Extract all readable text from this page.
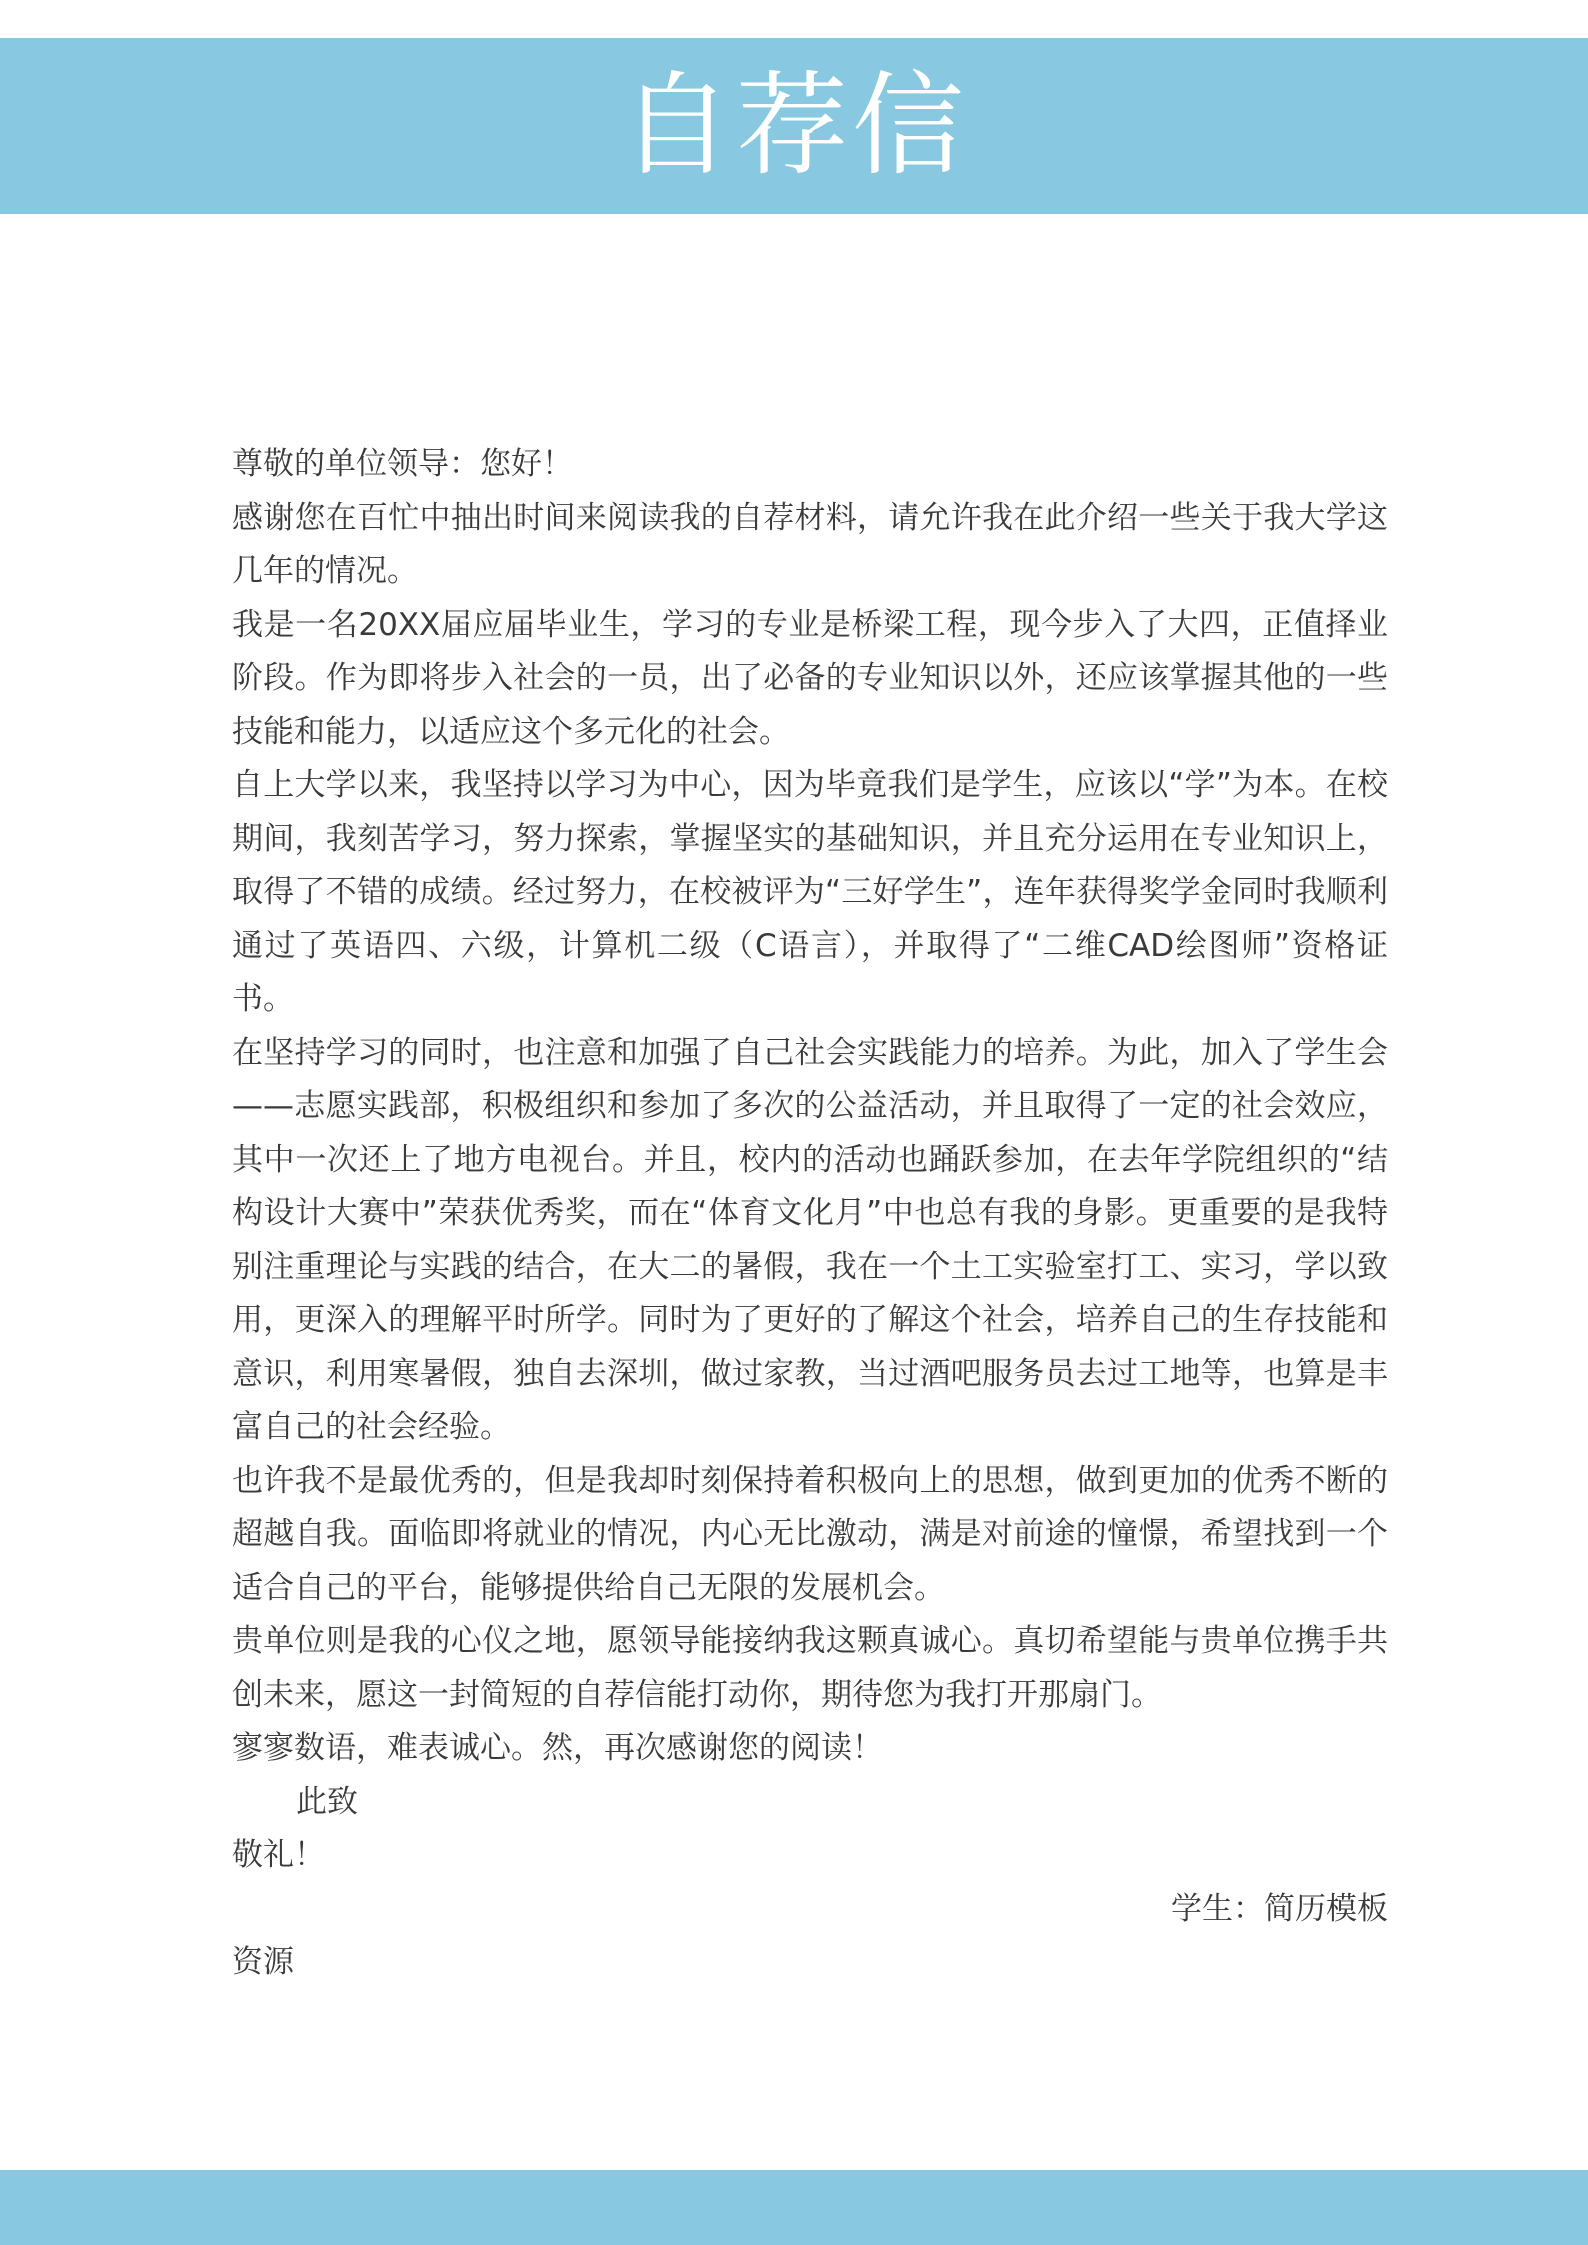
自荐信

尊敬的单位领导：您好！

感谢您在百忙中抽出时间来阅读我的自荐材料，请允许我在此介绍一些关于我大学这几年的情况。

我是一名20XX届应届毕业生，学习的专业是桥梁工程，现今步入了大四，正值择业阶段。作为即将步入社会的一员，出了必备的专业知识以外，还应该掌握其他的一些技能和能力，以适应这个多元化的社会。

自上大学以来，我坚持以学习为中心，因为毕竟我们是学生，应该以“学”为本。在校期间，我刻苦学习，努力探索，掌握坚实的基础知识，并且充分运用在专业知识上，取得了不错的成绩。经过努力，在校被评为“三好学生”，连年获得奖学金同时我顺利通过了英语四、六级，计算机二级（C语言），并取得了“二维CAD绘图师”资格证书。

在坚持学习的同时，也注意和加强了自己社会实践能力的培养。为此，加入了学生会——志愿实践部，积极组织和参加了多次的公益活动，并且取得了一定的社会效应，其中一次还上了地方电视台。并且，校内的活动也踊跃参加，在去年学院组织的“结构设计大赛中”荣获优秀奖，而在“体育文化月”中也总有我的身影。更重要的是我特别注重理论与实践的结合，在大二的暑假，我在一个土工实验室打工、实习，学以致用，更深入的理解平时所学。同时为了更好的了解这个社会，培养自己的生存技能和意识，利用寒暑假，独自去深圳，做过家教，当过酒吧服务员去过工地等，也算是丰富自己的社会经验。

也许我不是最优秀的，但是我却时刻保持着积极向上的思想，做到更加的优秀不断的超越自我。面临即将就业的情况，内心无比激动，满是对前途的憧憬，希望找到一个适合自己的平台，能够提供给自己无限的发展机会。

贵单位则是我的心仪之地，愿领导能接纳我这颗真诚心。真切希望能与贵单位携手共创未来，愿这一封简短的自荐信能打动你，期待您为我打开那扇门。

寥寥数语，难表诚心。然，再次感谢您的阅读！

此致

敬礼！

学生：简历模板

资源
